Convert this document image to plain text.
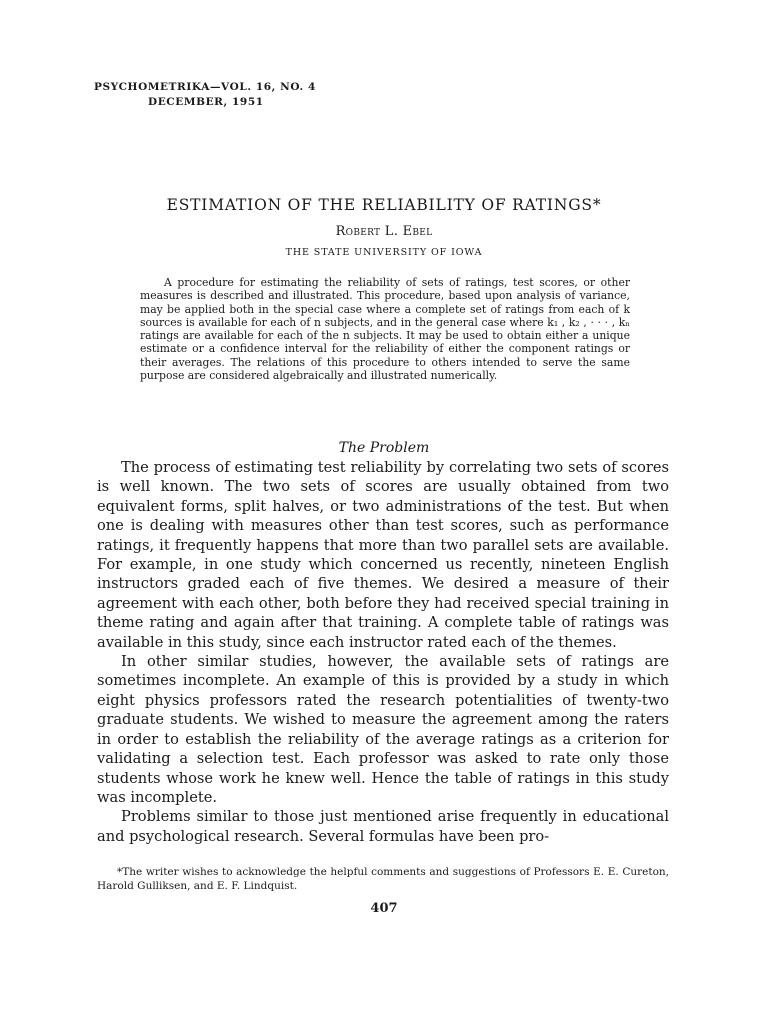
PSYCHOMETRIKA—VOL. 16, NO. 4
DECEMBER, 1951
ESTIMATION OF THE RELIABILITY OF RATINGS*
Robert L. Ebel
THE STATE UNIVERSITY OF IOWA

A procedure for estimating the reliability of sets of ratings, test scores, or other measures is described and illustrated. This procedure, based upon analysis of variance, may be applied both in the special case where a complete set of ratings from each of k sources is available for each of n subjects, and in the general case where k₁ , k₂ , · · · , kₙ ratings are available for each of the n subjects. It may be used to obtain either a unique estimate or a confidence interval for the reliability of either the component ratings or their averages. The relations of this procedure to others intended to serve the same purpose are considered algebraically and illustrated numerically.

The Problem

The process of estimating test reliability by correlating two sets of scores is well known. The two sets of scores are usually obtained from two equivalent forms, split halves, or two administrations of the test. But when one is dealing with measures other than test scores, such as performance ratings, it frequently happens that more than two parallel sets are available. For example, in one study which concerned us recently, nineteen English instructors graded each of five themes. We desired a measure of their agreement with each other, both before they had received special training in theme rating and again after that training. A complete table of ratings was available in this study, since each instructor rated each of the themes.

In other similar studies, however, the available sets of ratings are sometimes incomplete. An example of this is provided by a study in which eight physics professors rated the research potentialities of twenty-two graduate students. We wished to measure the agreement among the raters in order to establish the reliability of the average ratings as a criterion for validating a selection test. Each professor was asked to rate only those students whose work he knew well. Hence the table of ratings in this study was incomplete.

Problems similar to those just mentioned arise frequently in educational and psychological research. Several formulas have been pro-

*The writer wishes to acknowledge the helpful comments and suggestions of Professors E. E. Cureton, Harold Gulliksen, and E. F. Lindquist.

407
